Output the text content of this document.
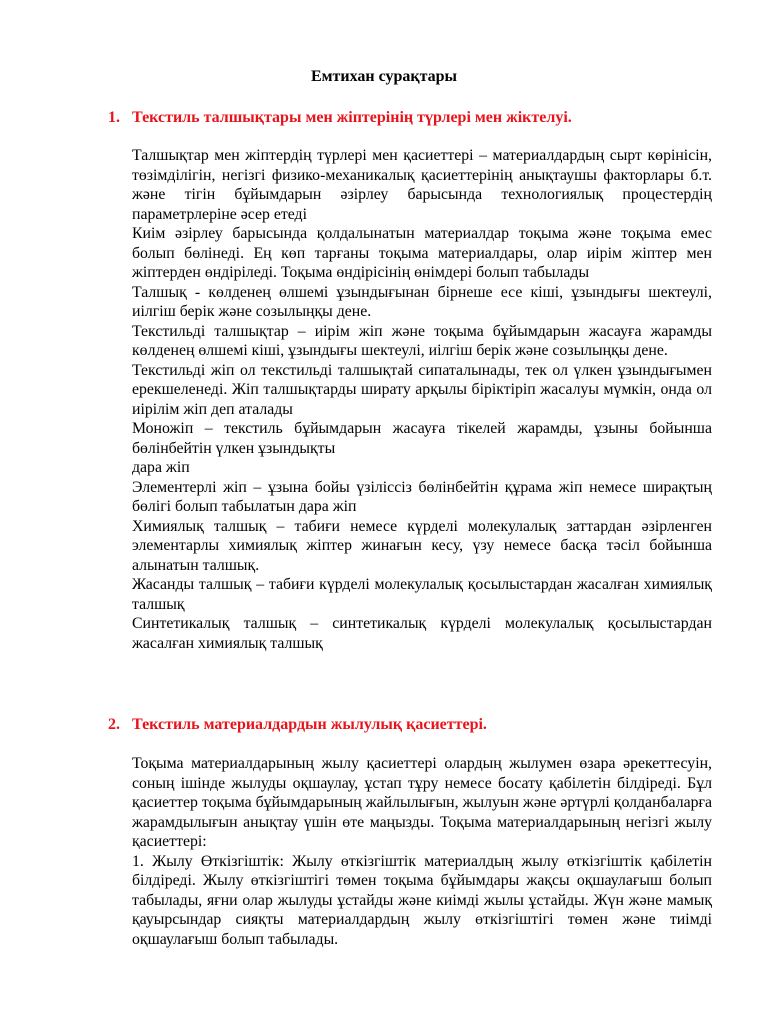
Емтихан сурақтары
1. Текстиль талшықтары мен жіптерінің түрлері мен жіктелуі.

Талшықтар мен жіптердің түрлері мен қасиеттері – материалдардың сырт көрінісін, төзімділігін, негізгі физико-механикалық қасиеттерінің анықтаушы факторлары б.т. және тігін бұйымдарын әзірлеу барысында технологиялық процестердің параметрлеріне әсер етеді

Киім әзірлеу барысында қолдалынатын материалдар тоқыма және тоқыма емес болып бөлінеді. Ең көп тарғаны тоқыма материалдары, олар иірім жіптер мен жіптерден өндіріледі. Тоқыма өндірісінің өнімдері болып табылады

Талшық - көлденең өлшемі ұзындығынан бірнеше есе кіші, ұзындығы шектеулі, иілгіш берік және созылыңқы дене.

Текстильді талшықтар – иірім жіп және тоқыма бұйымдарын жасауға жарамды көлденең өлшемі кіші, ұзындығы шектеулі, иілгіш берік және созылыңқы дене.

Текстильді жіп ол текстильді талшықтай сипаталынады, тек ол үлкен ұзындығымен ерекшеленеді. Жіп талшықтарды ширату арқылы біріктіріп жасалуы мүмкін, онда ол иірілім жіп деп аталады

Моножіп – текстиль бұйымдарын жасауға тікелей жарамды, ұзыны бойынша бөлінбейтін үлкен ұзындықты

дара жіп

Элементерлі жіп – ұзына бойы үзіліссіз бөлінбейтін құрама жіп немесе ширақтың бөлігі болып табылатын дара жіп

Химиялық талшық – табиғи немесе күрделі молекулалық заттардан әзірленген элементарлы химиялық жіптер жинағын кесу, үзу немесе басқа тәсіл бойынша алынатын талшық.

Жасанды талшық – табиғи күрделі молекулалық қосылыстардан жасалған химиялық талшық

Синтетикалық талшық – синтетикалық күрделі молекулалық қосылыстардан жасалған химиялық талшық

2. Текстиль материалдардын жылулық қасиеттері.

Тоқыма материалдарының жылу қасиеттері олардың жылумен өзара әрекеттесуін, соның ішінде жылуды оқшаулау, ұстап тұру немесе босату қабілетін білдіреді. Бұл қасиеттер тоқыма бұйымдарының жайлылығын, жылуын және әртүрлі қолданбаларға жарамдылығын анықтау үшін өте маңызды. Тоқыма материалдарының негізгі жылу қасиеттері:

1. Жылу Өткізгіштік: Жылу өткізгіштік материалдың жылу өткізгіштік қабілетін білдіреді. Жылу өткізгіштігі төмен тоқыма бұйымдары жақсы оқшаулағыш болып табылады, яғни олар жылуды ұстайды және киімді жылы ұстайды. Жүн және мамық қауырсындар сияқты материалдардың жылу өткізгіштігі төмен және тиімді оқшаулағыш болып табылады.
